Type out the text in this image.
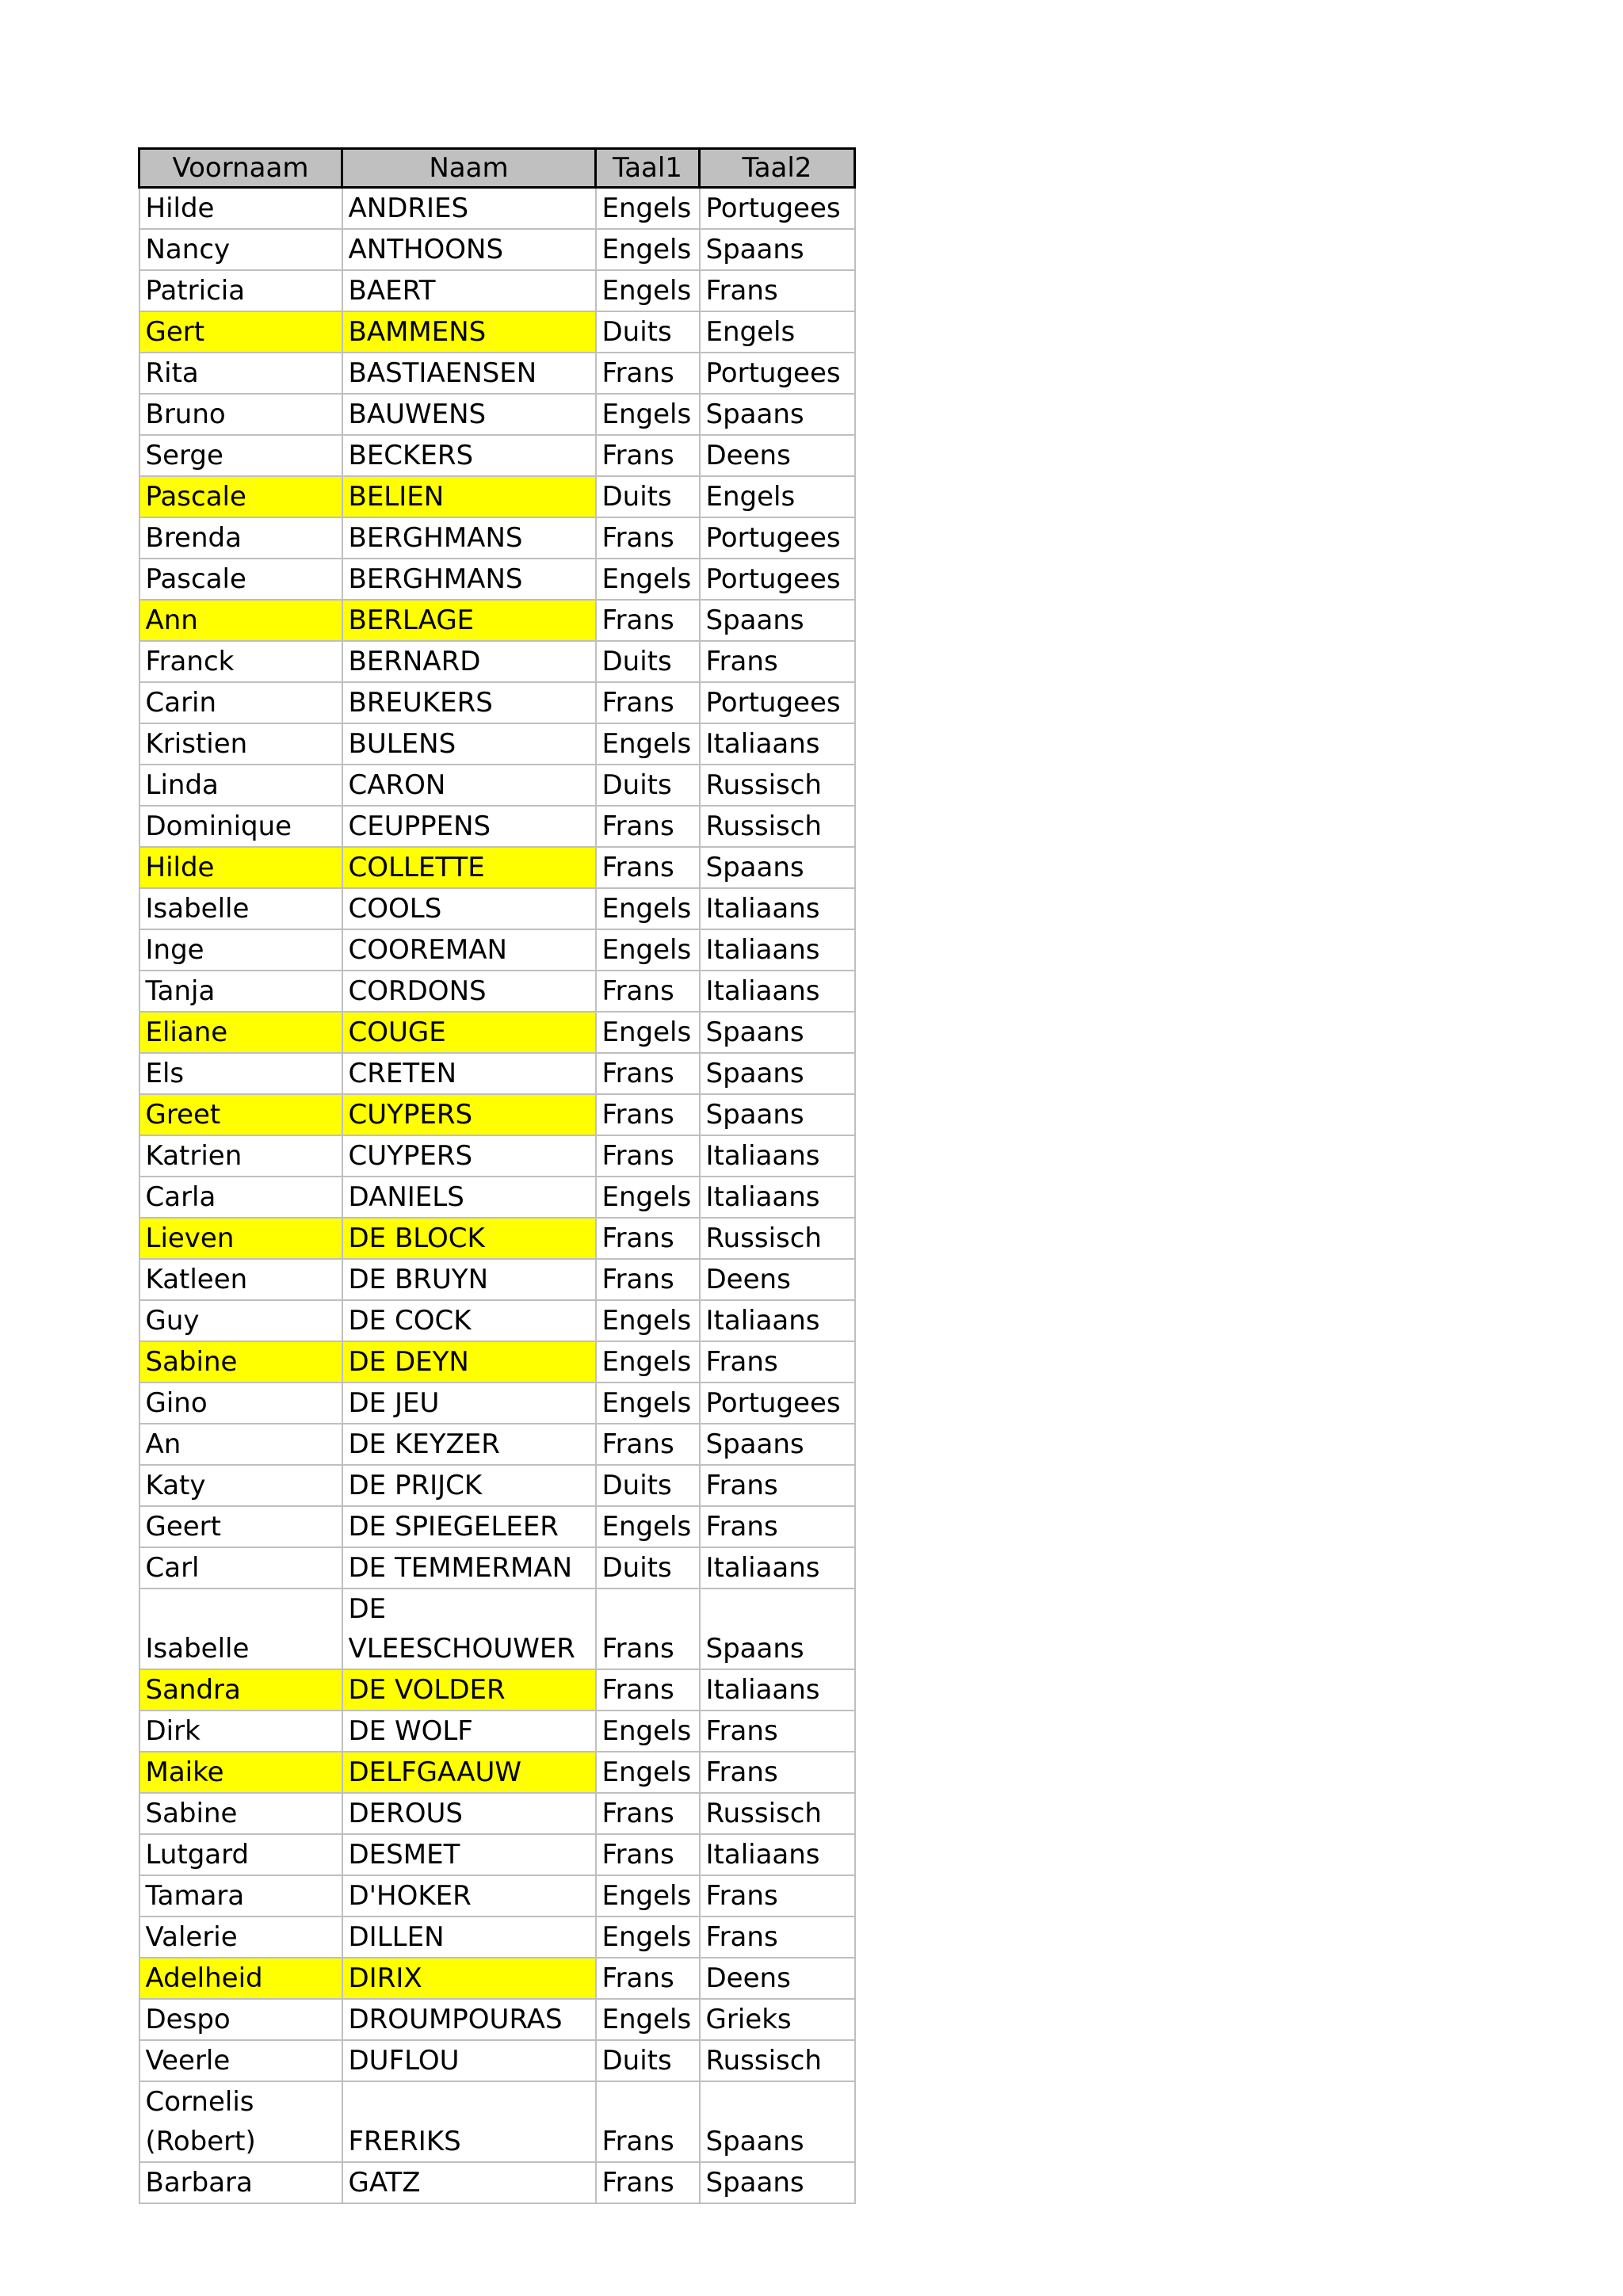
Voornaam	Naam	Taal1	Taal2
Hilde	ANDRIES	Engels	Portugees
Nancy	ANTHOONS	Engels	Spaans
Patricia	BAERT	Engels	Frans
Gert	BAMMENS	Duits	Engels
Rita	BASTIAENSEN	Frans	Portugees
Bruno	BAUWENS	Engels	Spaans
Serge	BECKERS	Frans	Deens
Pascale	BELIEN	Duits	Engels
Brenda	BERGHMANS	Frans	Portugees
Pascale	BERGHMANS	Engels	Portugees
Ann	BERLAGE	Frans	Spaans
Franck	BERNARD	Duits	Frans
Carin	BREUKERS	Frans	Portugees
Kristien	BULENS	Engels	Italiaans
Linda	CARON	Duits	Russisch
Dominique	CEUPPENS	Frans	Russisch
Hilde	COLLETTE	Frans	Spaans
Isabelle	COOLS	Engels	Italiaans
Inge	COOREMAN	Engels	Italiaans
Tanja	CORDONS	Frans	Italiaans
Eliane	COUGE	Engels	Spaans
Els	CRETEN	Frans	Spaans
Greet	CUYPERS	Frans	Spaans
Katrien	CUYPERS	Frans	Italiaans
Carla	DANIELS	Engels	Italiaans
Lieven	DE BLOCK	Frans	Russisch
Katleen	DE BRUYN	Frans	Deens
Guy	DE COCK	Engels	Italiaans
Sabine	DE DEYN	Engels	Frans
Gino	DE JEU	Engels	Portugees
An	DE KEYZER	Frans	Spaans
Katy	DE PRIJCK	Duits	Frans
Geert	DE SPIEGELEER	Engels	Frans
Carl	DE TEMMERMAN	Duits	Italiaans
Isabelle	DE VLEESCHOUWER	Frans	Spaans
Sandra	DE VOLDER	Frans	Italiaans
Dirk	DE WOLF	Engels	Frans
Maike	DELFGAAUW	Engels	Frans
Sabine	DEROUS	Frans	Russisch
Lutgard	DESMET	Frans	Italiaans
Tamara	D'HOKER	Engels	Frans
Valerie	DILLEN	Engels	Frans
Adelheid	DIRIX	Frans	Deens
Despo	DROUMPOURAS	Engels	Grieks
Veerle	DUFLOU	Duits	Russisch
Cornelis (Robert)	FRERIKS	Frans	Spaans
Barbara	GATZ	Frans	Spaans
